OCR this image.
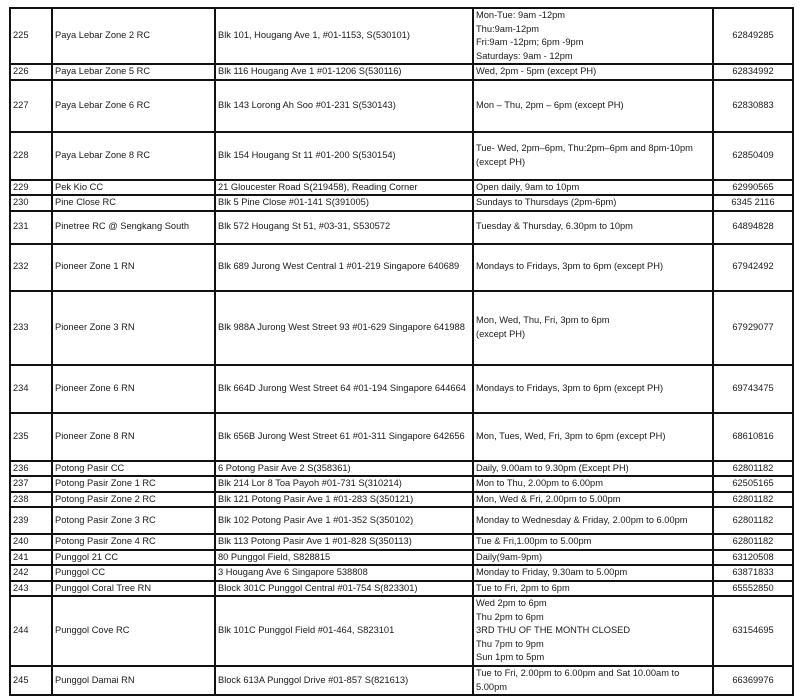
225	Paya Lebar Zone 2 RC	Blk 101, Hougang Ave 1, #01-1153, S(530101)	Mon-Tue: 9am -12pm
Thu:9am-12pm
Fri:9am -12pm; 6pm -9pm
Saturdays: 9am - 12pm	62849285
226	Paya Lebar Zone 5 RC	Blk 116 Hougang Ave 1 #01-1206 S(530116)	Wed, 2pm - 5pm (except PH)	62834992
227	Paya Lebar Zone 6 RC	Blk 143 Lorong Ah Soo #01-231 S(530143)	Mon – Thu, 2pm – 6pm (except PH)	62830883
228	Paya Lebar Zone 8 RC	Blk 154 Hougang St 11 #01-200 S(530154)	Tue- Wed, 2pm–6pm, Thu:2pm–6pm and 8pm-10pm
(except PH)	62850409
229	Pek Kio CC	21 Gloucester Road S(219458), Reading Corner	Open daily, 9am to 10pm	62990565
230	Pine Close RC	Blk 5 Pine Close #01-141 S(391005)	Sundays to Thursdays (2pm-6pm)	6345 2116
231	Pinetree RC @ Sengkang South	Blk 572 Hougang St 51, #03-31, S530572	Tuesday & Thursday, 6.30pm to 10pm	64894828
232	Pioneer Zone 1 RN	Blk 689 Jurong West Central 1 #01-219 Singapore 640689	Mondays to Fridays, 3pm to 6pm (except PH)	67942492
233	Pioneer Zone 3 RN	Blk 988A Jurong West Street 93 #01-629 Singapore 641988	Mon, Wed, Thu, Fri, 3pm to 6pm
(except PH)	67929077
234	Pioneer Zone 6 RN	Blk 664D Jurong West Street 64 #01-194 Singapore 644664	Mondays to Fridays, 3pm to 6pm (except PH)	69743475
235	Pioneer Zone 8 RN	Blk 656B Jurong West Street 61 #01-311 Singapore 642656	Mon, Tues, Wed, Fri, 3pm to 6pm (except PH)	68610816
236	Potong Pasir CC	6 Potong Pasir Ave 2 S(358361)	Daily, 9.00am to 9.30pm (Except PH)	62801182
237	Potong Pasir Zone 1 RC	Blk 214 Lor 8 Toa Payoh #01-731 S(310214)	Mon to Thu, 2.00pm to 6.00pm	62505165
238	Potong Pasir Zone 2 RC	Blk 121 Potong Pasir Ave 1 #01-283 S(350121)	Mon, Wed & Fri, 2.00pm to 5.00pm	62801182
239	Potong Pasir Zone 3 RC	Blk 102 Potong Pasir Ave 1 #01-352 S(350102)	Monday to Wednesday & Friday, 2.00pm to 6.00pm	62801182
240	Potong Pasir Zone 4 RC	Blk 113 Potong Pasir Ave 1 #01-828 S(350113)	Tue & Fri,1.00pm to 5.00pm	62801182
241	Punggol 21 CC	80 Punggol Field, S828815	Daily(9am-9pm)	63120508
242	Punggol CC	3 Hougang Ave 6 Singapore 538808	Monday to Friday, 9.30am to 5.00pm	63871833
243	Punggol Coral Tree RN	Block 301C Punggol Central #01-754 S(823301)	Tue to Fri, 2pm to 6pm	65552850
244	Punggol Cove RC	Blk 101C Punggol Field #01-464, S823101	Wed 2pm to 6pm
Thu 2pm to 6pm
3RD THU OF THE MONTH CLOSED
Thu 7pm to 9pm
Sun 1pm to 5pm	63154695
245	Punggol Damai RN	Block 613A Punggol Drive #01-857 S(821613)	Tue to Fri, 2.00pm to 6.00pm and Sat 10.00am to
5.00pm	66369976
